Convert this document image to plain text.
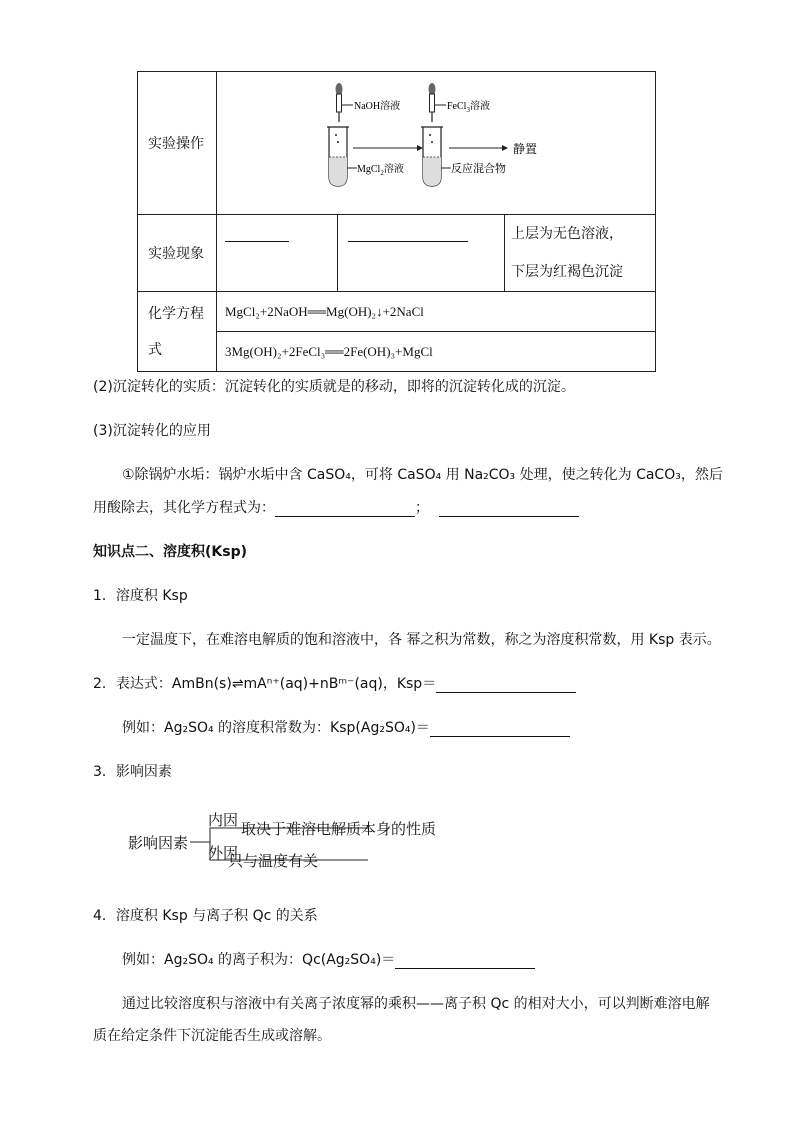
实验操作	NaOH溶液
MgCl$_2$溶液
FeCl$_3$溶液
反应混合物
静置		

实验现象			上层为无色溶液，
下层为红褐色沉淀

化学方程
式	MgCl₂+2NaOH══Mg(OH)₂↓+2NaCl		
	3Mg(OH)₂+2FeCl₃══2Fe(OH)₃+MgCl		
(2)沉淀转化的实质：沉淀转化的实质就是的移动，即将的沉淀转化成的沉淀。
(3)沉淀转化的应用
①除锅炉水垢：锅炉水垢中含 CaSO₄，可将 CaSO₄ 用 Na₂CO₃ 处理，使之转化为 CaCO₃，然后
用酸除去，其化学方程式为：	；
知识点二、溶度积(Ksp)
1．溶度积 Ksp
一定温度下，在难溶电解质的饱和溶液中，各 幂之积为常数，称之为溶度积常数，用 Ksp 表示。
2．表达式：AmBn(s)⇌mAⁿ⁺(aq)+nBᵐ⁻(aq)，Ksp＝
例如：Ag₂SO₄ 的溶度积常数为：Ksp(Ag₂SO₄)＝
3．影响因素
影响因素
内因
取决于难溶电解质本身的性质
外因
只与温度有关
4．溶度积 Ksp 与离子积 Qc 的关系
例如：Ag₂SO₄ 的离子积为：Qc(Ag₂SO₄)＝
通过比较溶度积与溶液中有关离子浓度幂的乘积——离子积 Qc 的相对大小，可以判断难溶电解
质在给定条件下沉淀能否生成或溶解。
